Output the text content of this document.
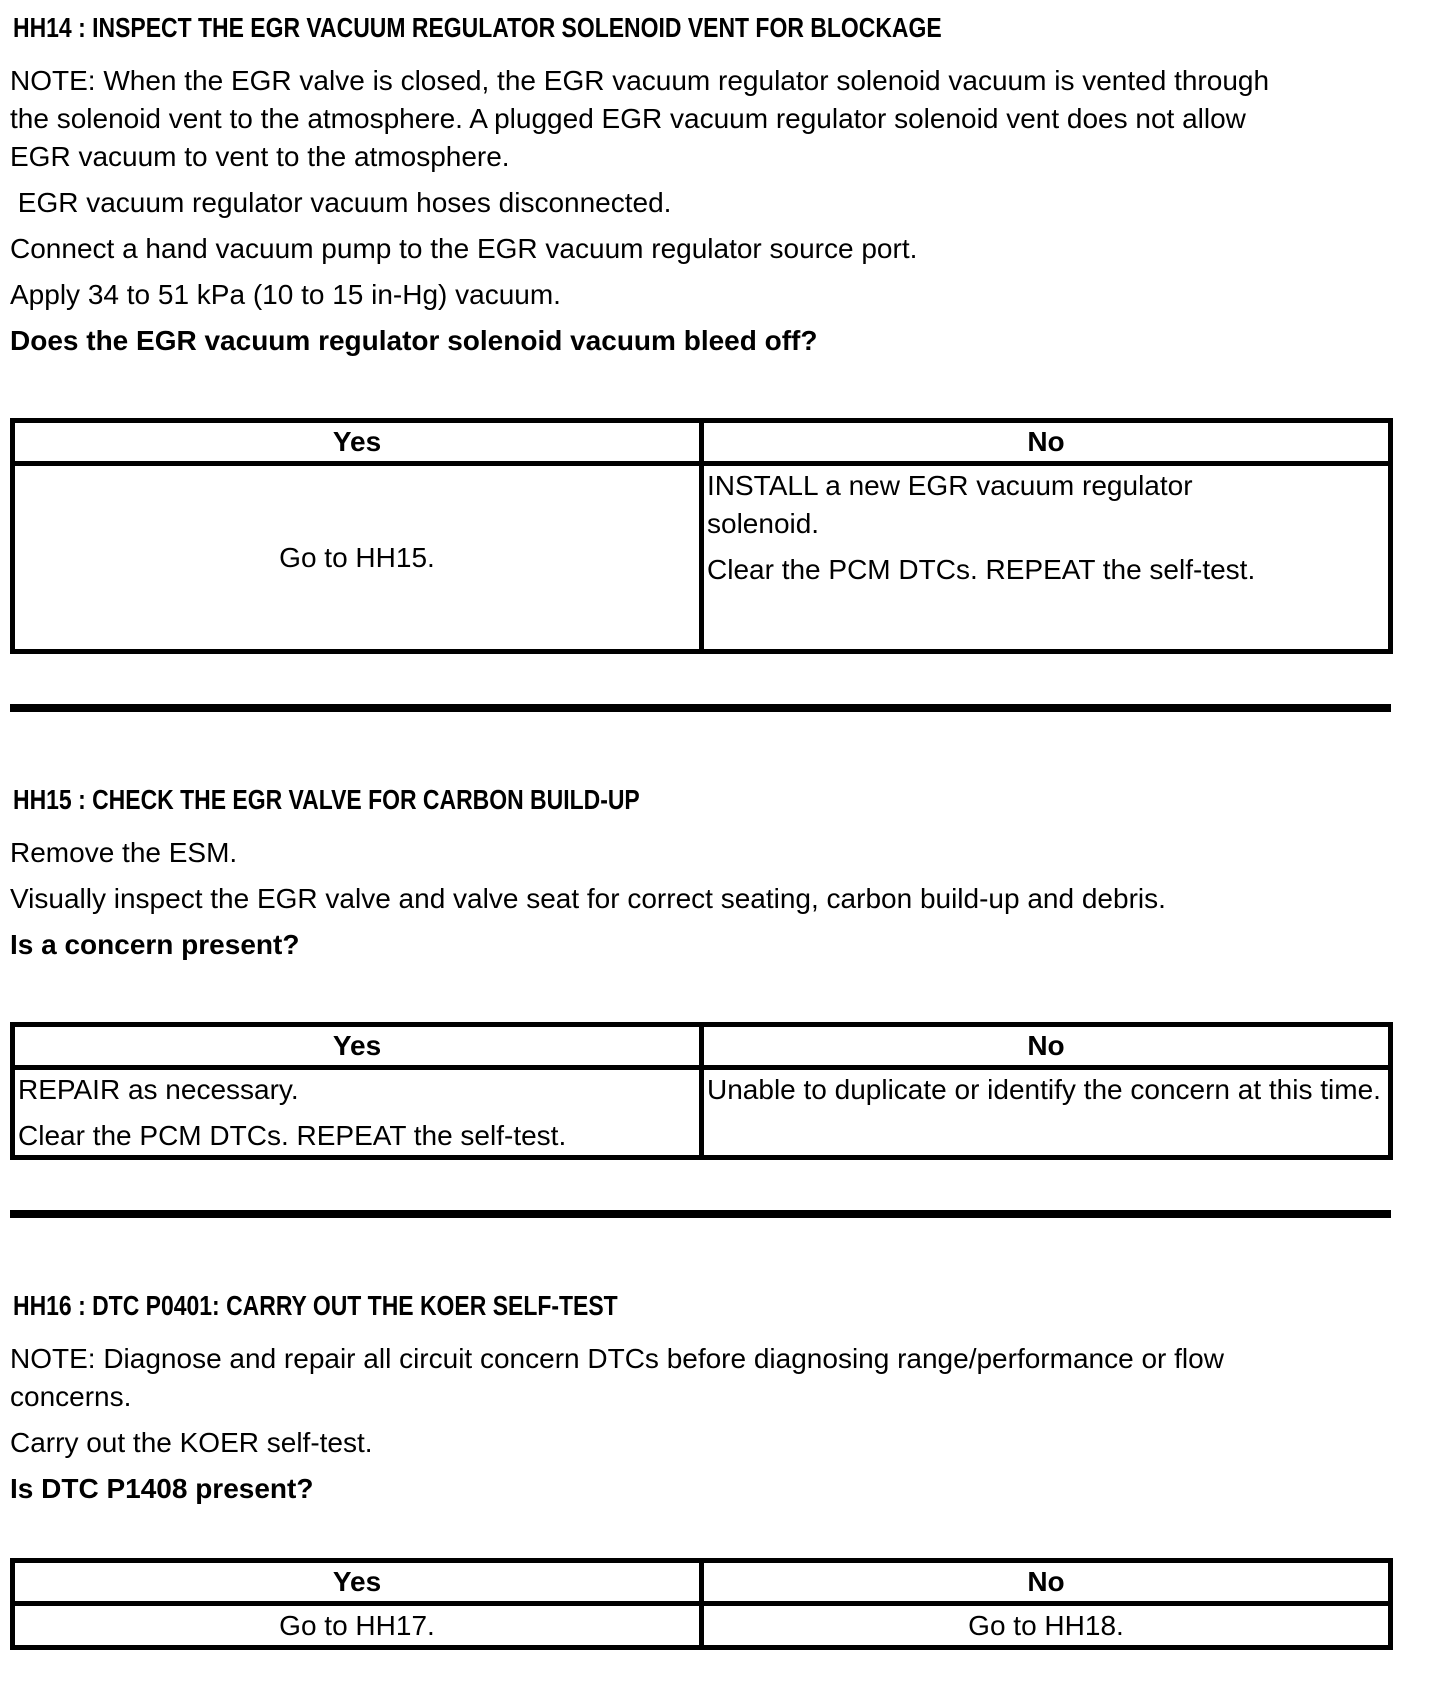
HH14 : INSPECT THE EGR VACUUM REGULATOR SOLENOID VENT FOR BLOCKAGE

NOTE: When the EGR valve is closed, the EGR vacuum regulator solenoid vacuum is vented through the solenoid vent to the atmosphere. A plugged EGR vacuum regulator solenoid vent does not allow EGR vacuum to vent to the atmosphere.

EGR vacuum regulator vacuum hoses disconnected.

Connect a hand vacuum pump to the EGR vacuum regulator source port.

Apply 34 to 51 kPa (10 to 15 in-Hg) vacuum.

Does the EGR vacuum regulator solenoid vacuum bleed off?

Yes	No

Go to HH15.	INSTALL a new EGR vacuum regulator solenoid.

Clear the PCM DTCs. REPEAT the self-test.

HH15 : CHECK THE EGR VALVE FOR CARBON BUILD-UP

Remove the ESM.

Visually inspect the EGR valve and valve seat for correct seating, carbon build-up and debris.

Is a concern present?

Yes	No

REPAIR as necessary.

Clear the PCM DTCs. REPEAT the self-test.	Unable to duplicate or identify the concern at this time.

HH16 : DTC P0401: CARRY OUT THE KOER SELF-TEST

NOTE: Diagnose and repair all circuit concern DTCs before diagnosing range/performance or flow concerns.

Carry out the KOER self-test.

Is DTC P1408 present?

Yes	No

Go to HH17.	Go to HH18.
